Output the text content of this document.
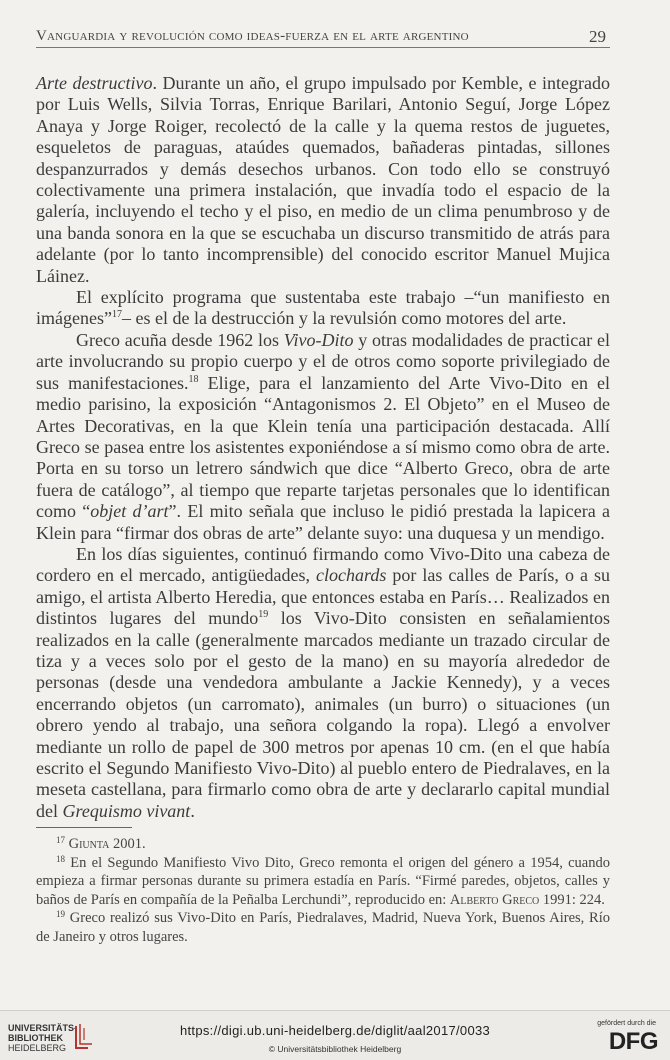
Vanguardia y revolución como ideas-fuerza en el arte argentino	29

Arte destructivo. Durante un año, el grupo impulsado por Kemble, e integrado por Luis Wells, Silvia Torras, Enrique Barilari, Antonio Seguí, Jorge López Anaya y Jorge Roiger, recolectó de la calle y la quema restos de juguetes, esqueletos de paraguas, ataúdes quemados, bañaderas pintadas, sillones despanzurrados y demás desechos urbanos. Con todo ello se construyó colectivamente una primera instalación, que invadía todo el espacio de la galería, incluyendo el techo y el piso, en medio de un clima penumbroso y de una banda sonora en la que se escuchaba un discurso transmitido de atrás para adelante (por lo tanto incomprensible) del conocido escritor Manuel Mujica Láinez.

El explícito programa que sustentaba este trabajo –“un manifiesto en imágenes”$^{17}$– es el de la destrucción y la revulsión como motores del arte.

Greco acuña desde 1962 los Vivo-Dito y otras modalidades de practicar el arte involucrando su propio cuerpo y el de otros como soporte privilegiado de sus manifestaciones.$^{18}$ Elige, para el lanzamiento del Arte Vivo-Dito en el medio parisino, la exposición “Antagonismos 2. El Objeto” en el Museo de Artes Decorativas, en la que Klein tenía una participación destacada. Allí Greco se pasea entre los asistentes exponiéndose a sí mismo como obra de arte. Porta en su torso un letrero sándwich que dice “Alberto Greco, obra de arte fuera de catálogo”, al tiempo que reparte tarjetas personales que lo identifican como “objet d’art”. El mito señala que incluso le pidió prestada la lapicera a Klein para “firmar dos obras de arte” delante suyo: una duquesa y un mendigo.

En los días siguientes, continuó firmando como Vivo-Dito una cabeza de cordero en el mercado, antigüedades, clochards por las calles de París, o a su amigo, el artista Alberto Heredia, que entonces estaba en París… Realizados en distintos lugares del mundo$^{19}$ los Vivo-Dito consisten en señalamientos realizados en la calle (generalmente marcados mediante un trazado circular de tiza y a veces solo por el gesto de la mano) en su mayoría alrededor de personas (desde una vendedora ambulante a Jackie Kennedy), y a veces encerrando objetos (un carromato), animales (un burro) o situaciones (un obrero yendo al trabajo, una señora colgando la ropa). Llegó a envolver mediante un rollo de papel de 300 metros por apenas 10 cm. (en el que había escrito el Segundo Manifiesto Vivo-Dito) al pueblo entero de Piedralaves, en la meseta castellana, para firmarlo como obra de arte y declararlo capital mundial del Grequismo vivant.

$^{17}$ Giunta 2001.

$^{18}$ En el Segundo Manifiesto Vivo Dito, Greco remonta el origen del género a 1954, cuando empieza a firmar personas durante su primera estadía en París. “Firmé paredes, objetos, calles y baños de París en compañía de la Peñalba Lerchundi”, reproducido en: Alberto Greco 1991: 224.

$^{19}$ Greco realizó sus Vivo-Dito en París, Piedralaves, Madrid, Nueva York, Buenos Aires, Río de Janeiro y otros lugares.

UNIVERSITÄTS-
BIBLIOTHEK
HEIDELBERG
https://digi.ub.uni-heidelberg.de/diglit/aal2017/0033
© Universitätsbibliothek Heidelberg
gefördert durch die
DFG
